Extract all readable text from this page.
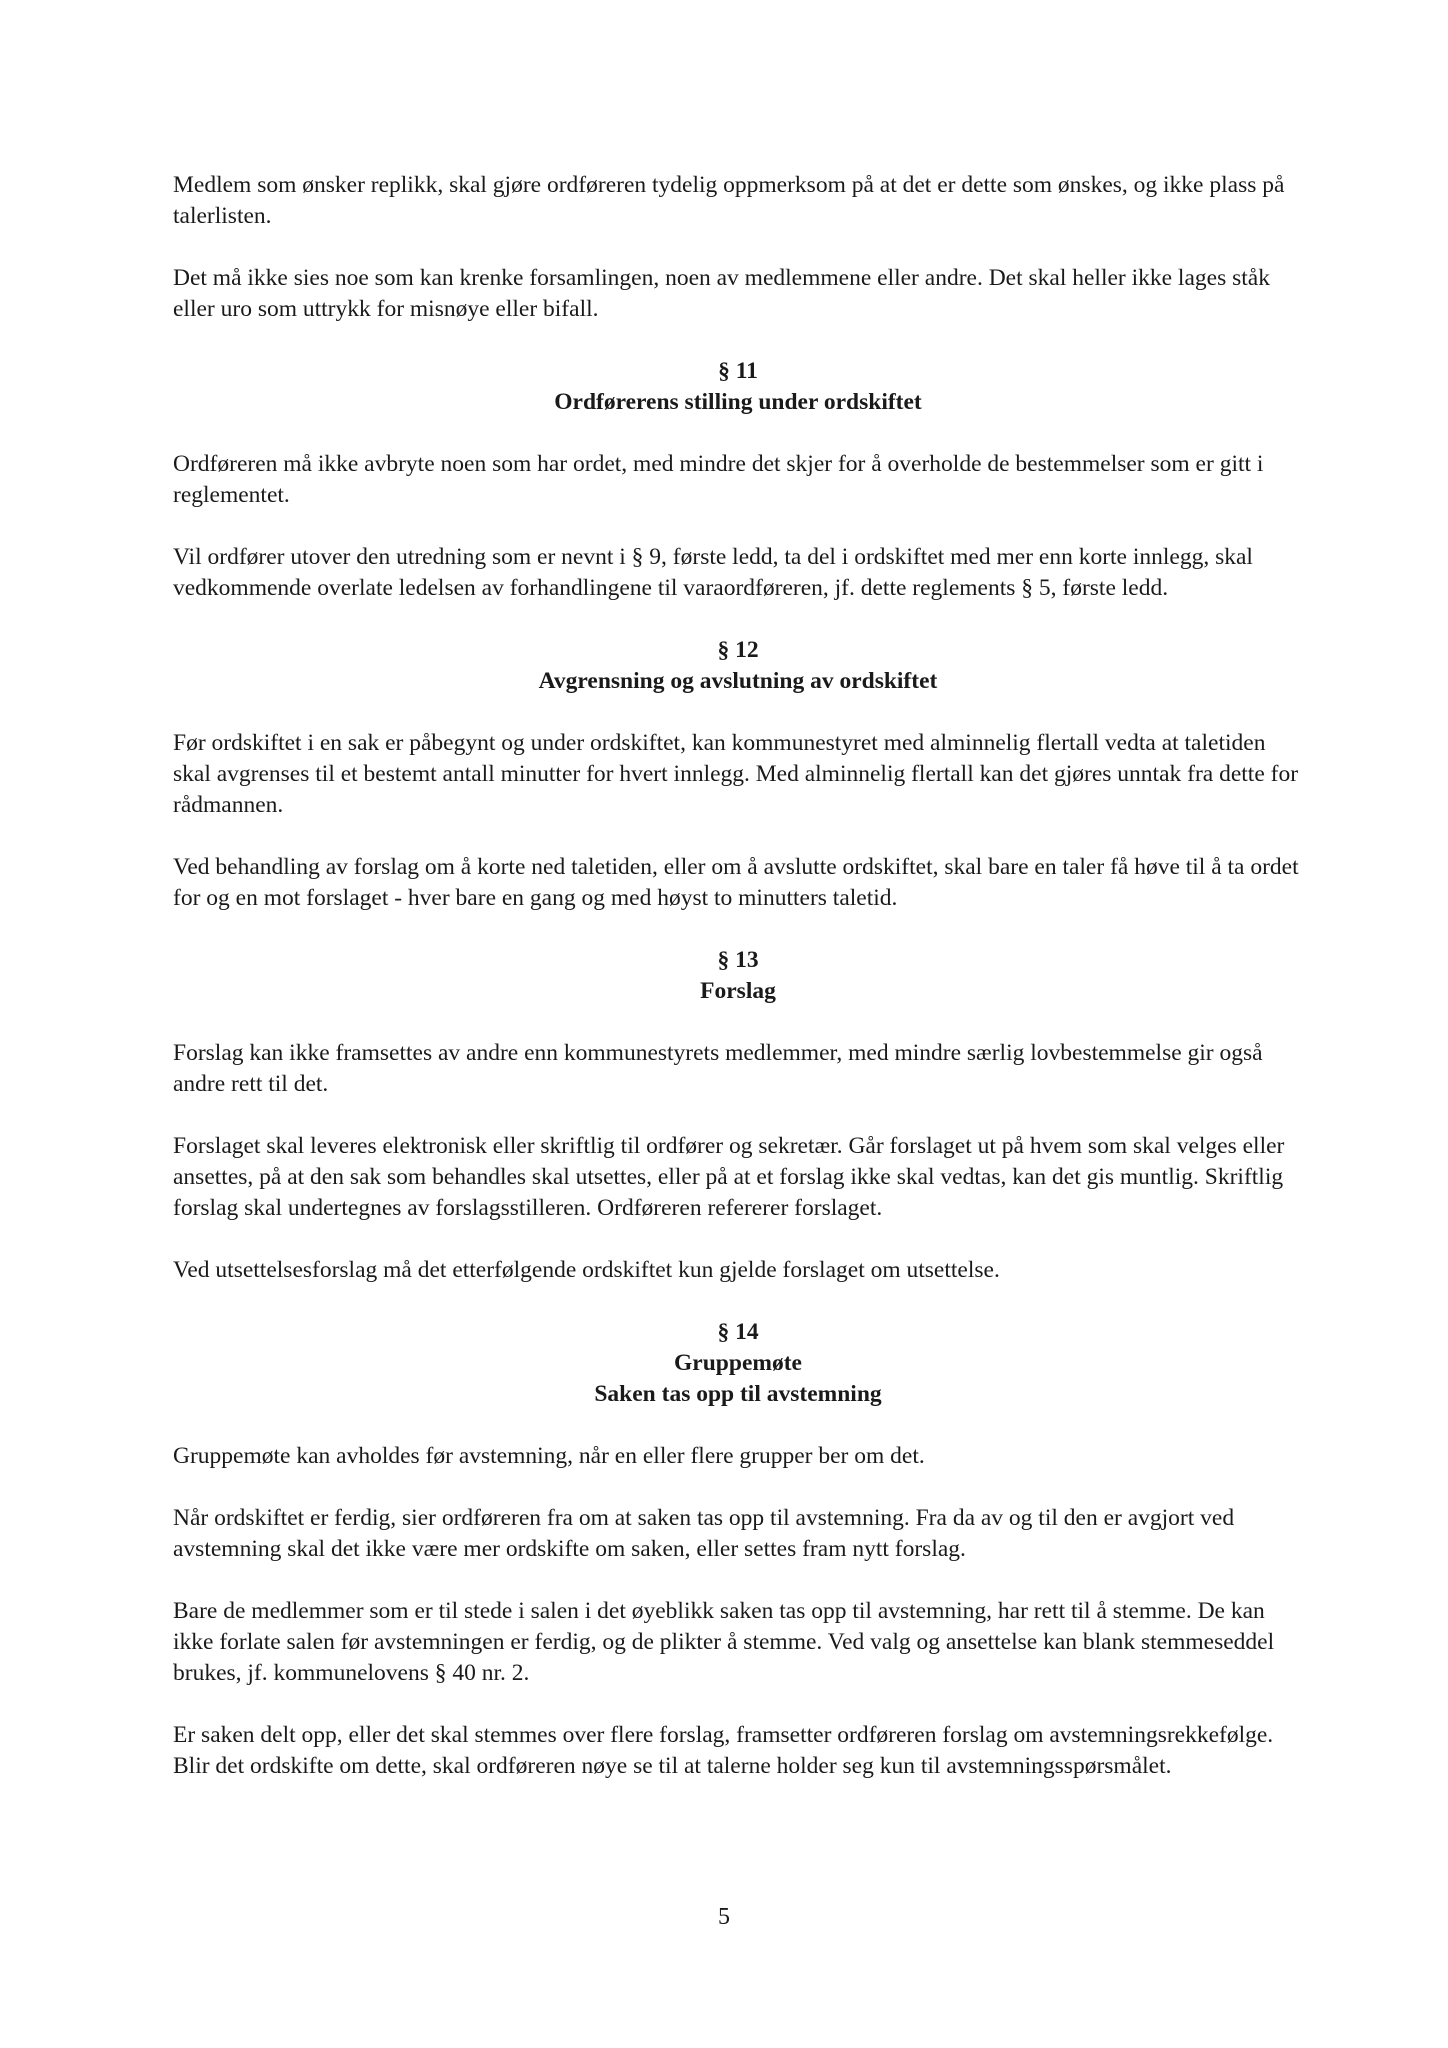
Medlem som ønsker replikk, skal gjøre ordføreren tydelig oppmerksom på at det er dette som ønskes, og ikke plass på talerlisten.

Det må ikke sies noe som kan krenke forsamlingen, noen av medlemmene eller andre. Det skal heller ikke lages ståk eller uro som uttrykk for misnøye eller bifall.

§ 11
Ordførerens stilling under ordskiftet

Ordføreren må ikke avbryte noen som har ordet, med mindre det skjer for å overholde de bestemmelser som er gitt i reglementet.

Vil ordfører utover den utredning som er nevnt i § 9, første ledd, ta del i ordskiftet med mer enn korte innlegg, skal vedkommende overlate ledelsen av forhandlingene til varaordføreren, jf. dette reglements § 5, første ledd.

§ 12
Avgrensning og avslutning av ordskiftet

Før ordskiftet i en sak er påbegynt og under ordskiftet, kan kommunestyret med alminnelig flertall vedta at taletiden skal avgrenses til et bestemt antall minutter for hvert innlegg. Med alminnelig flertall kan det gjøres unntak fra dette for rådmannen.

Ved behandling av forslag om å korte ned taletiden, eller om å avslutte ordskiftet, skal bare en taler få høve til å ta ordet for og en mot forslaget - hver bare en gang og med høyst to minutters taletid.

§ 13
Forslag

Forslag kan ikke framsettes av andre enn kommunestyrets medlemmer, med mindre særlig lovbestemmelse gir også andre rett til det.

Forslaget skal leveres elektronisk eller skriftlig til ordfører og sekretær. Går forslaget ut på hvem som skal velges eller ansettes, på at den sak som behandles skal utsettes, eller på at et forslag ikke skal vedtas, kan det gis muntlig. Skriftlig forslag skal undertegnes av forslagsstilleren. Ordføreren refererer forslaget.

Ved utsettelsesforslag må det etterfølgende ordskiftet kun gjelde forslaget om utsettelse.

§ 14
Gruppemøte
Saken tas opp til avstemning

Gruppemøte kan avholdes før avstemning, når en eller flere grupper ber om det.

Når ordskiftet er ferdig, sier ordføreren fra om at saken tas opp til avstemning. Fra da av og til den er avgjort ved avstemning skal det ikke være mer ordskifte om saken, eller settes fram nytt forslag.

Bare de medlemmer som er til stede i salen i det øyeblikk saken tas opp til avstemning, har rett til å stemme. De kan ikke forlate salen før avstemningen er ferdig, og de plikter å stemme. Ved valg og ansettelse kan blank stemmeseddel brukes, jf. kommunelovens § 40 nr. 2.

Er saken delt opp, eller det skal stemmes over flere forslag, framsetter ordføreren forslag om avstemningsrekkefølge. Blir det ordskifte om dette, skal ordføreren nøye se til at talerne holder seg kun til avstemningsspørsmålet.

5
